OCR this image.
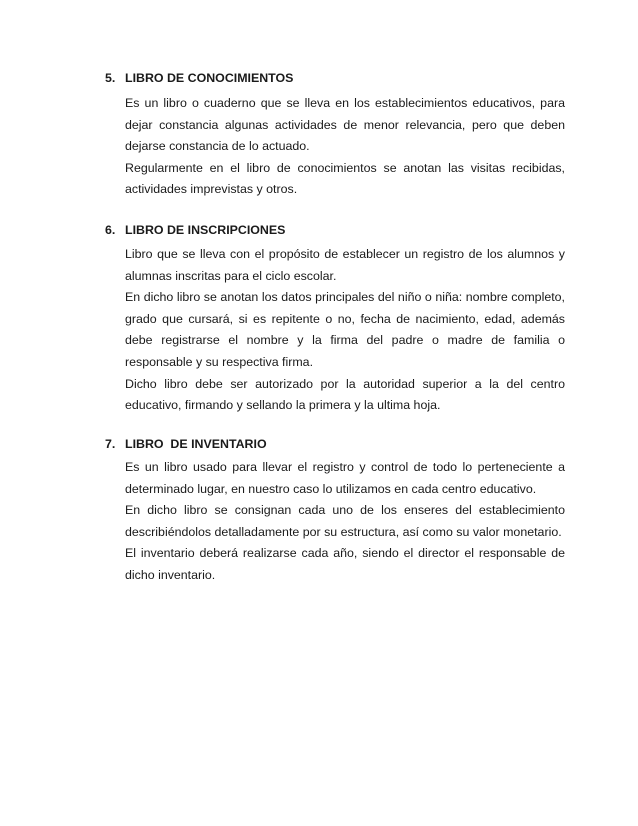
5. LIBRO DE CONOCIMIENTOS

Es un libro o cuaderno que se lleva en los establecimientos educativos, para dejar constancia algunas actividades de menor relevancia, pero que deben dejarse constancia de lo actuado.

Regularmente en el libro de conocimientos se anotan las visitas recibidas, actividades imprevistas y otros.

6. LIBRO DE INSCRIPCIONES

Libro que se lleva con el propósito de establecer un registro de los alumnos y alumnas inscritas para el ciclo escolar.

En dicho libro se anotan los datos principales del niño o niña: nombre completo, grado que cursará, si es repitente o no, fecha de nacimiento, edad, además debe registrarse el nombre y la firma del padre o madre de familia o responsable y su respectiva firma.

Dicho libro debe ser autorizado por la autoridad superior a la del centro educativo, firmando y sellando la primera y la ultima hoja.

7. LIBRO  DE INVENTARIO

Es un libro usado para llevar el registro y control de todo lo perteneciente a determinado lugar, en nuestro caso lo utilizamos en cada centro educativo.

En dicho libro se consignan cada uno de los enseres del establecimiento describiéndolos detalladamente por su estructura, así como su valor monetario.

El inventario deberá realizarse cada año, siendo el director el responsable de dicho inventario.
